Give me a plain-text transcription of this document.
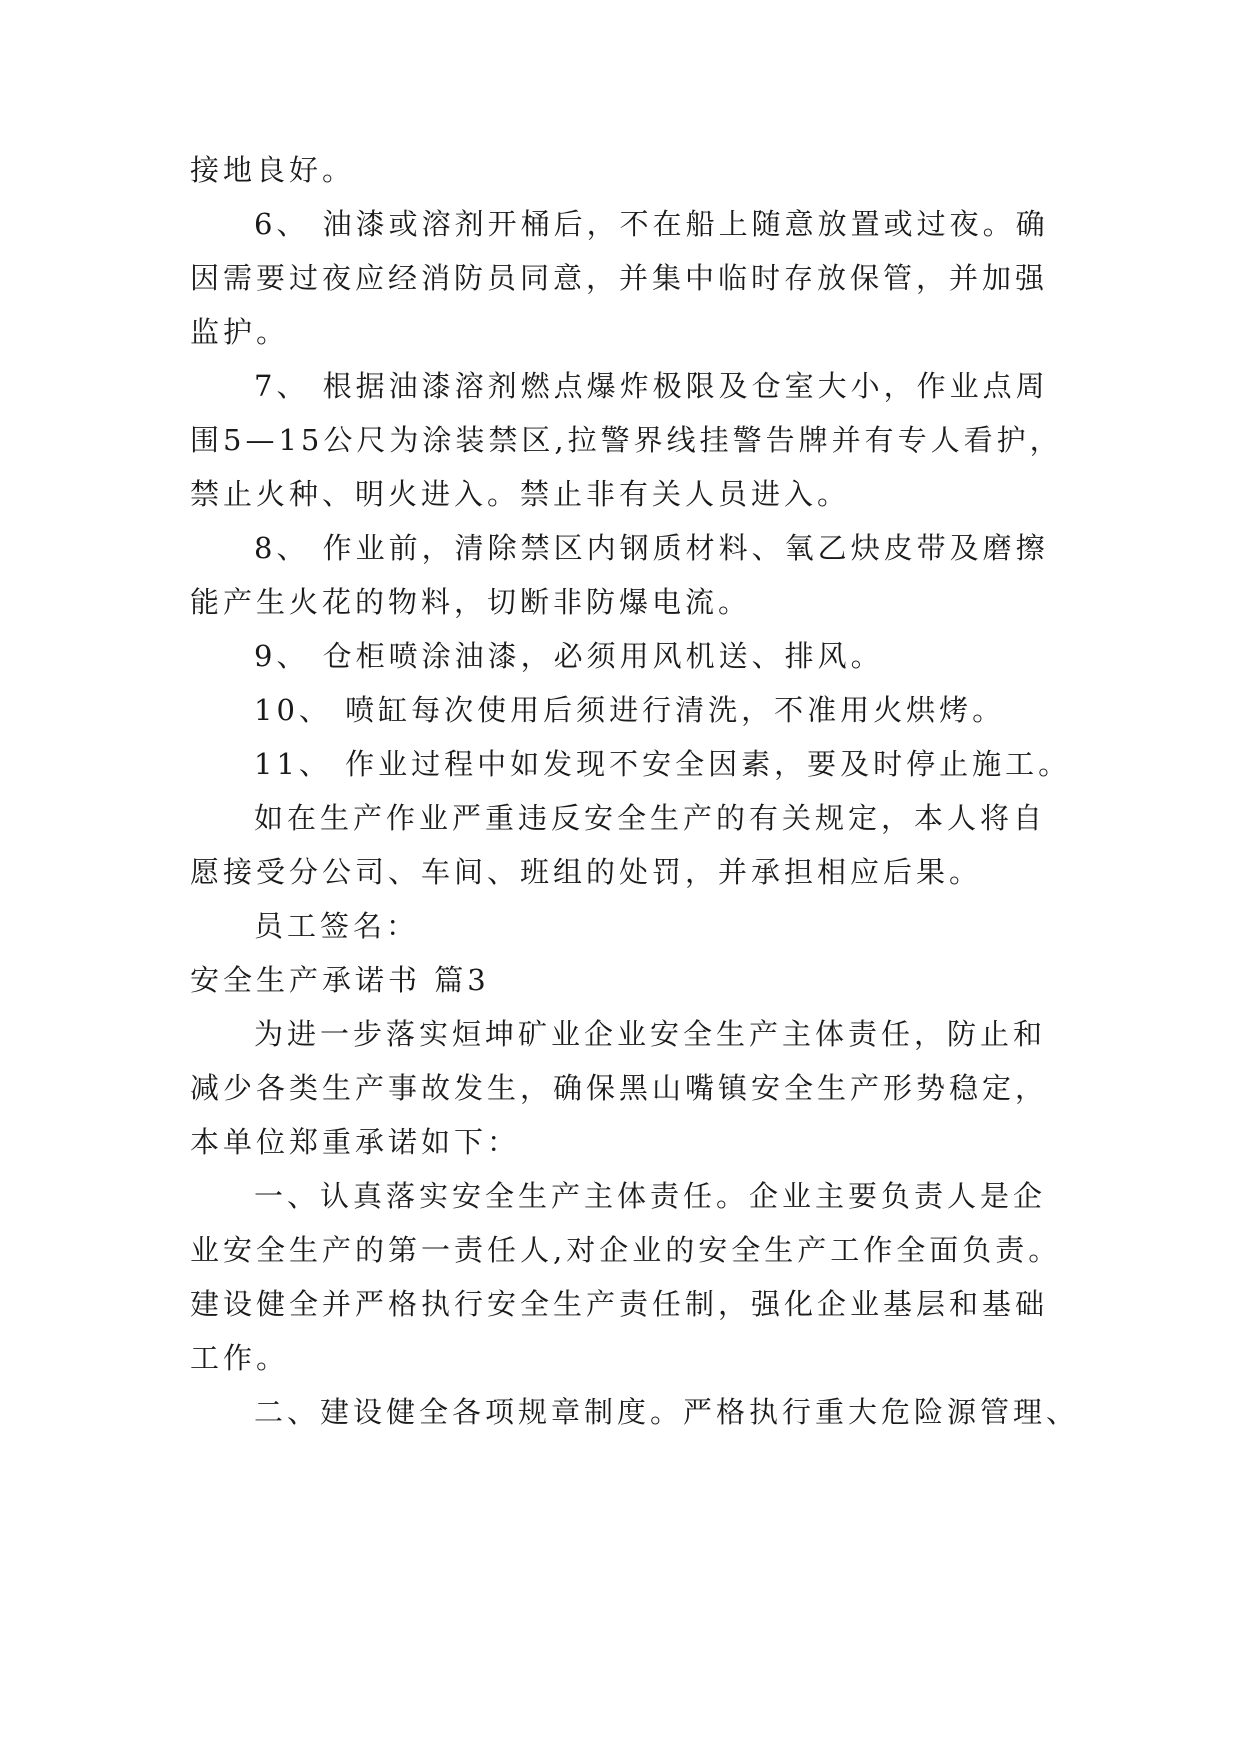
接地良好。
6、 油漆或溶剂开桶后，不在船上随意放置或过夜。确
因需要过夜应经消防员同意，并集中临时存放保管，并加强
监护。
7、 根据油漆溶剂燃点爆炸极限及仓室大小，作业点周
围5—15公尺为涂装禁区,拉警界线挂警告牌并有专人看护，
禁止火种、明火进入。禁止非有关人员进入。
8、 作业前，清除禁区内钢质材料、氧乙炔皮带及磨擦
能产生火花的物料，切断非防爆电流。
9、 仓柜喷涂油漆，必须用风机送、排风。
10、 喷缸每次使用后须进行清洗，不准用火烘烤。
11、 作业过程中如发现不安全因素，要及时停止施工。
如在生产作业严重违反安全生产的有关规定，本人将自
愿接受分公司、车间、班组的处罚，并承担相应后果。
员工签名：
安全生产承诺书 篇3
为进一步落实烜坤矿业企业安全生产主体责任，防止和
减少各类生产事故发生，确保黑山嘴镇安全生产形势稳定，
本单位郑重承诺如下：
一、认真落实安全生产主体责任。企业主要负责人是企
业安全生产的第一责任人,对企业的安全生产工作全面负责。
建设健全并严格执行安全生产责任制，强化企业基层和基础
工作。
二、建设健全各项规章制度。严格执行重大危险源管理、
